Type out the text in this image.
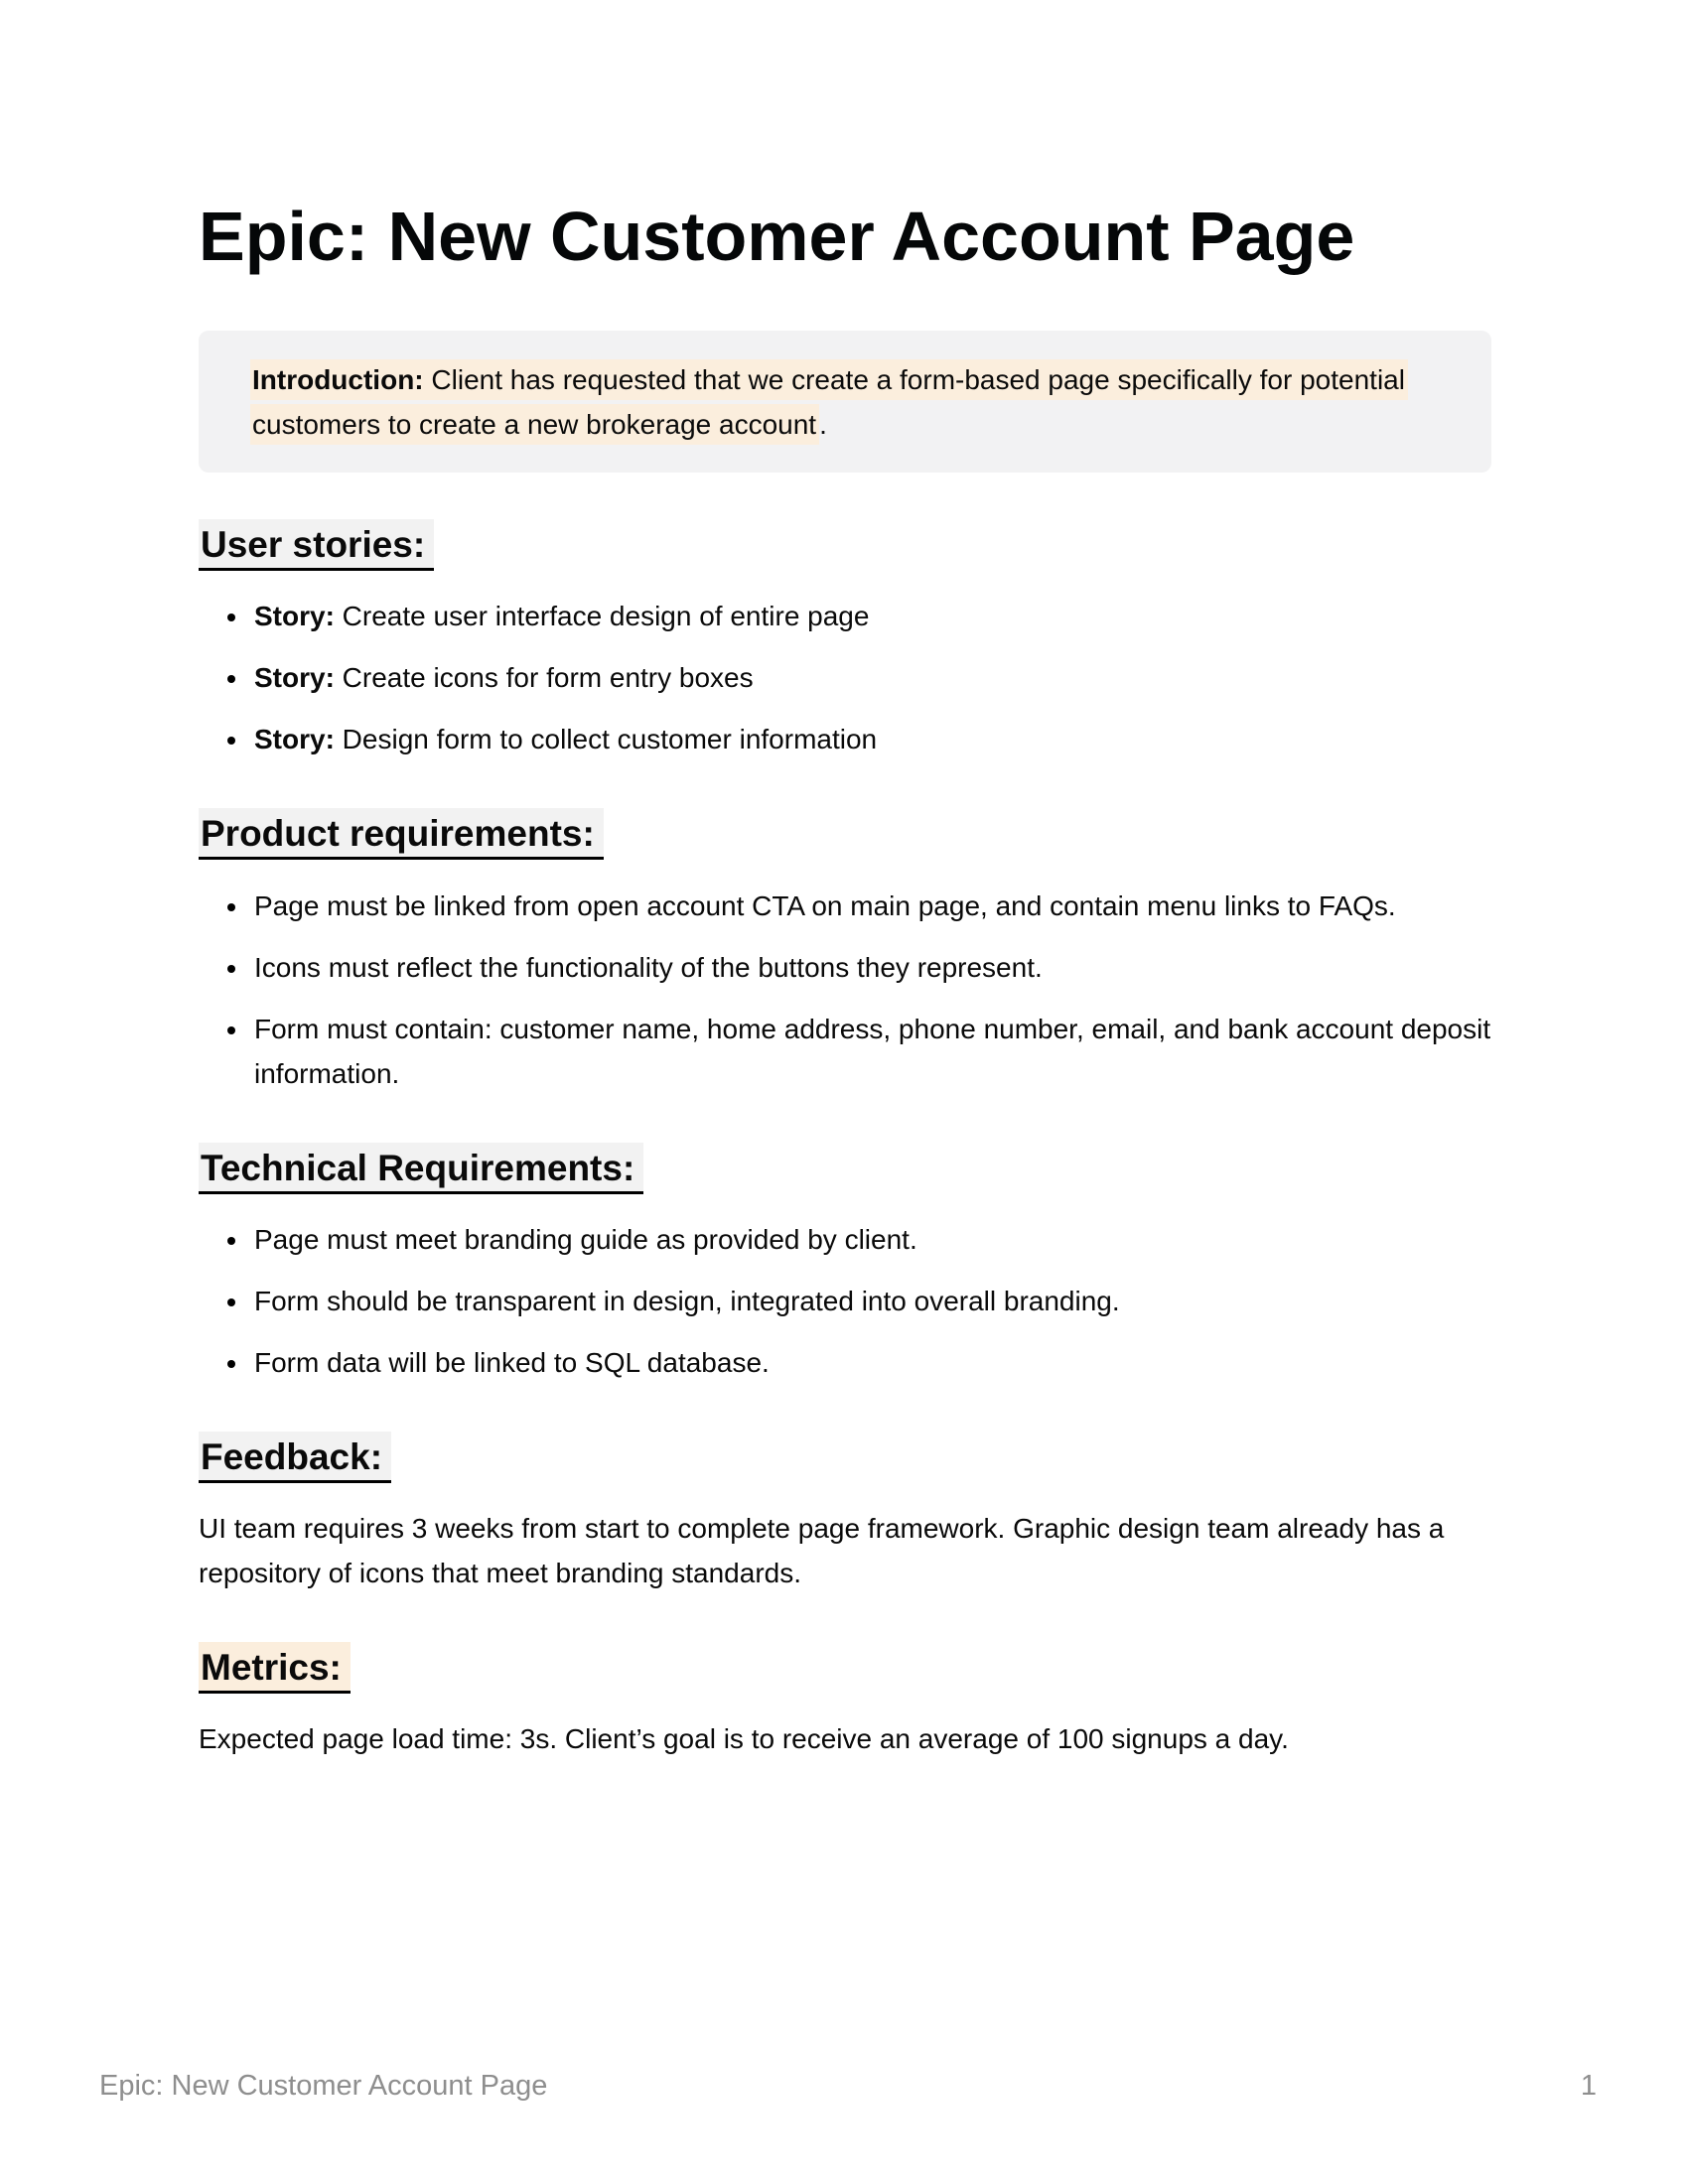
Epic: New Customer Account Page
Introduction: Client has requested that we create a form-based page specifically for potential customers to create a new brokerage account .
User stories:
• Story: Create user interface design of entire page
• Story: Create icons for form entry boxes
• Story: Design form to collect customer information
Product requirements:
• Page must be linked from open account CTA on main page, and contain menu links to FAQs.
• Icons must reflect the functionality of the buttons they represent.
• Form must contain: customer name, home address, phone number, email, and bank account deposit information.
Technical Requirements:
• Page must meet branding guide as provided by client.
• Form should be transparent in design, integrated into overall branding.
• Form data will be linked to SQL database.
Feedback:

UI team requires 3 weeks from start to complete page framework. Graphic design team already has a repository of icons that meet branding standards.

Metrics:

Expected page load time: 3s. Client’s goal is to receive an average of 100 signups a day.

Epic: New Customer Account Page	1
